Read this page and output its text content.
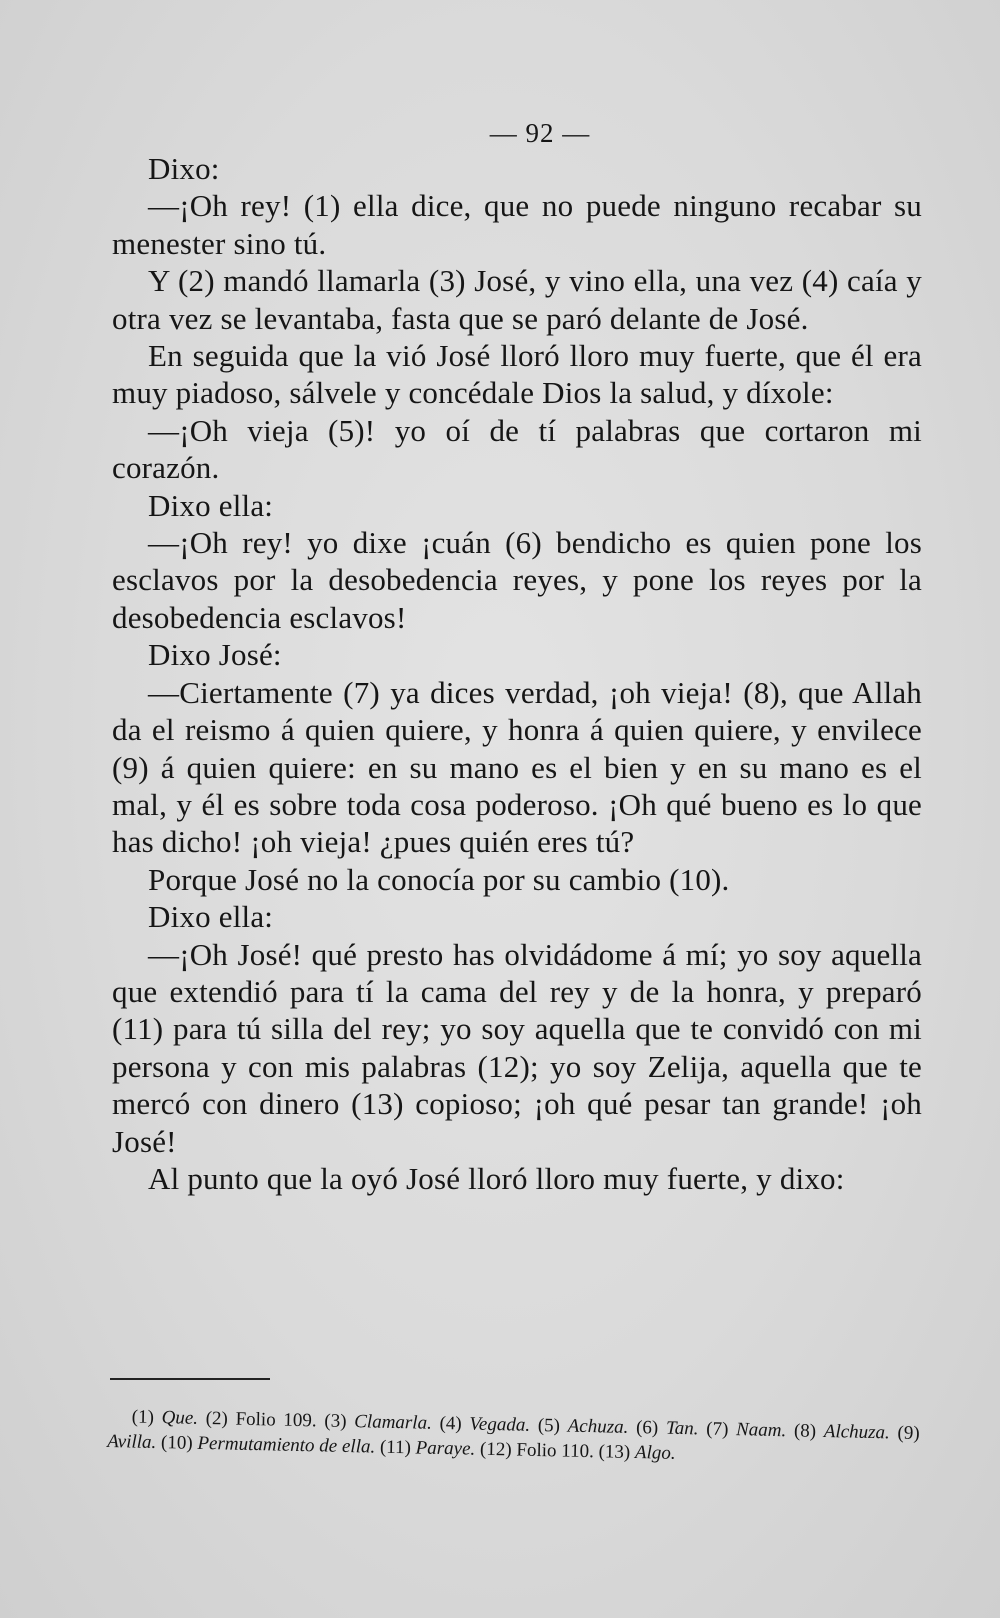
— 92 —

Dixo:

—¡Oh rey! (1) ella dice, que no puede ninguno recabar su menester sino tú.

Y (2) mandó llamarla (3) José, y vino ella, una vez (4) caía y otra vez se levantaba, fasta que se paró delante de José.

En seguida que la vió José lloró lloro muy fuerte, que él era muy piadoso, sálvele y concédale Dios la salud, y díxole:

—¡Oh vieja (5)! yo oí de tí palabras que cortaron mi corazón.

Dixo ella:

—¡Oh rey! yo dixe ¡cuán (6) bendicho es quien pone los esclavos por la desobedencia reyes, y pone los reyes por la desobedencia esclavos!

Dixo José:

—Ciertamente (7) ya dices verdad, ¡oh vieja! (8), que Allah da el reismo á quien quiere, y honra á quien quiere, y envilece (9) á quien quiere: en su mano es el bien y en su mano es el mal, y él es sobre toda cosa poderoso. ¡Oh qué bueno es lo que has dicho! ¡oh vieja! ¿pues quién eres tú?

Porque José no la conocía por su cambio (10).

Dixo ella:

—¡Oh José! qué presto has olvidádome á mí; yo soy aquella que extendió para tí la cama del rey y de la honra, y preparó (11) para tú silla del rey; yo soy aquella que te convidó con mi persona y con mis palabras (12); yo soy Zelija, aquella que te mercó con dinero (13) copioso; ¡oh qué pesar tan grande! ¡oh José!

Al punto que la oyó José lloró lloro muy fuerte, y dixo:

(1) Que. (2) Folio 109. (3) Clamarla. (4) Vegada. (5) Achuza. (6) Tan. (7) Naam. (8) Alchuza. (9) Avilla. (10) Permutamiento de ella. (11) Paraye. (12) Folio 110. (13) Algo.
